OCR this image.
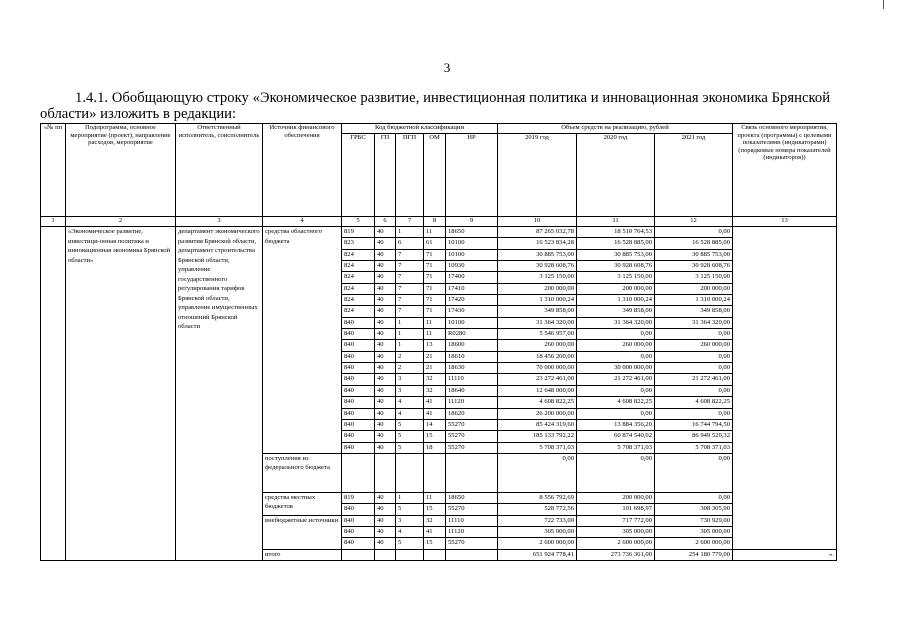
3
1.4.1. Обобщающую строку «Экономическое развитие, инвестиционная политика и инновационная экономика Брянской области» изложить в редакции:
«№ пп	Подпрограмма, основное мероприятие (проект), направление расходов, мероприятие	Ответственный исполнитель, соисполнитель	Источник финансового обеспечения	Код бюджетной классификации					Объем средств на реализацию, рублей			Связь основного мероприятия, проекта (программы) с целевыми показателями (индикаторами) (порядковые номера показателей (индикаторов))
				ГРБС	ГП	ПГП	ОМ	НР	2019 год	2020 год	2021 год	
1	2	3	4	5	6	7	8	9	10	11	12	13
	«Экономическое развитие, инвестици-онная политика и инновационная экономика Брянской области»	департамент экономического развития Брянской области, департамент строительства Брянской области, управление государственного регулирования тарифов Брянской области, управление имущественных отношений Брянской области	средства областного бюджета	819	40	1	11	18650	87 265 032,78	18 510 764,53	0,00	
				823	40	6	61	10100	16 523 834,28	16 528 885,00	16 528 885,00	
				824	40	7	71	10100	30 885 753,00	30 885 753,00	30 885 753,00	
				824	40	7	71	10930	30 928 608,76	30 928 608,76	30 928 608,76	
				824	40	7	71	17400	3 125 150,00	3 125 150,00	3 125 150,00	
				824	40	7	71	17410	200 000,00	200 000,00	200 000,00	
				824	40	7	71	17420	1 310 000,24	1 310 000,24	1 310 000,24	
				824	40	7	71	17430	349 858,00	349 858,00	349 858,00	
				840	40	1	11	10100	31 364 320,00	31 364 320,00	31 364 320,00	
				840	40	1	11	R0280	5 546 957,00	0,00	0,00	
				840	40	1	13	18600	260 000,00	260 000,00	260 000,00	
				840	40	2	21	18610	18 456 200,00	0,00	0,00	
				840	40	2	21	18630	70 000 000,00	30 000 000,00	0,00	
				840	40	3	32	11110	23 272 461,00	21 272 461,00	21 272 461,00	
				840	40	3	32	18640	12 648 000,00	0,00	0,00	
				840	40	4	41	11120	4 608 822,25	4 608 822,25	4 608 822,25	
				840	40	4	41	18620	26 200 000,00	0,00	0,00	
				840	40	5	14	55270	85 424 319,60	13 884 356,20	16 744 794,50	
				840	40	5	15	55270	185 133 792,22	60 874 540,02	86 949 520,32	
				840	40	5	18	55270	5 708 371,03	5 708 371,03	5 708 371,03	
			поступления из федерального бюджета						0,00	0,00	0,00	
			средства местных бюджетов	819	40	1	11	18650	8 556 792,69	200 000,00	0,00	
				840	40	5	15	55270	528 772,56	101 698,97	308 305,90	
			внебюджетные источники	840	40	3	32	11110	722 733,00	717 772,00	730 929,00	
				840	40	4	41	11120	305 000,00	305 000,00	305 000,00	
				840	40	5	15	55270	2 600 000,00	2 600 000,00	2 600 000,00	
			итого						651 924 778,41	273 736 361,00	254 180 779,00	».
